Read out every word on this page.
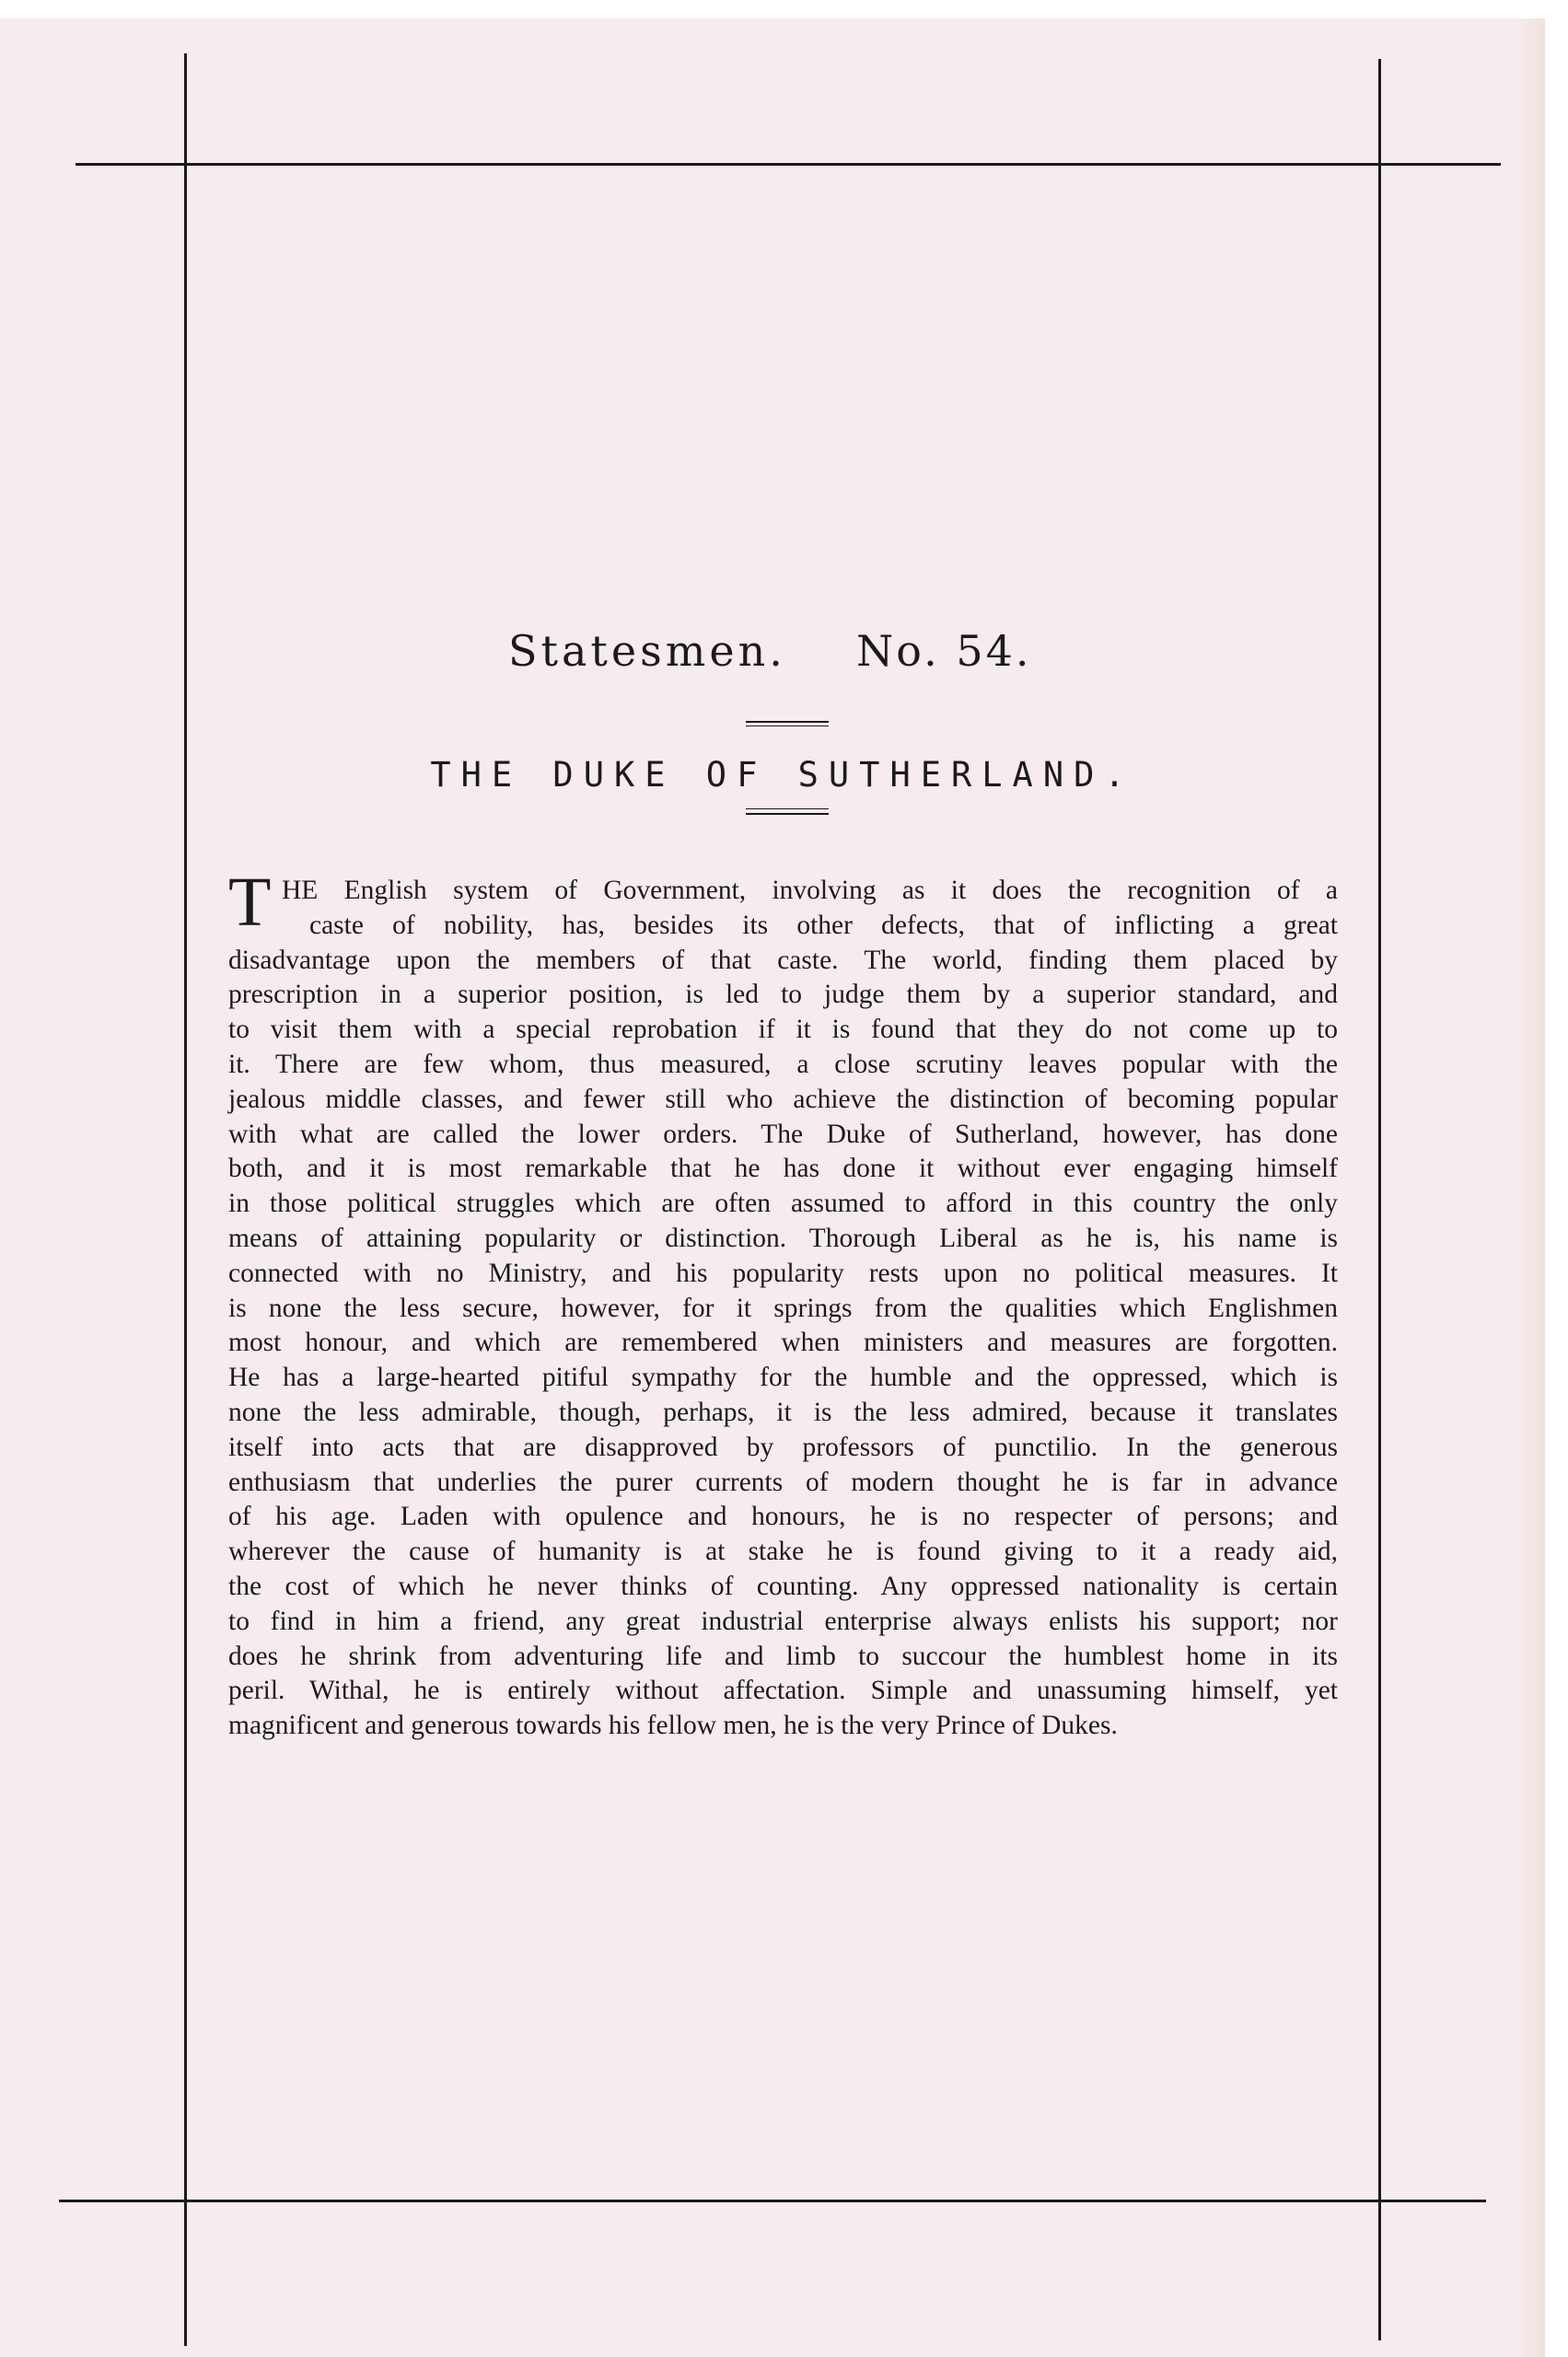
Statesmen. No. 54.
THE DUKE OF SUTHERLAND.
T HE English system of Government, involving as it does the recognition of a
caste of nobility, has, besides its other defects, that of inflicting a great
disadvantage upon the members of that caste. The world, finding them placed by
prescription in a superior position, is led to judge them by a superior standard, and
to visit them with a special reprobation if it is found that they do not come up to
it. There are few whom, thus measured, a close scrutiny leaves popular with the
jealous middle classes, and fewer still who achieve the distinction of becoming popular
with what are called the lower orders. The Duke of Sutherland, however, has done
both, and it is most remarkable that he has done it without ever engaging himself
in those political struggles which are often assumed to afford in this country the only
means of attaining popularity or distinction. Thorough Liberal as he is, his name is
connected with no Ministry, and his popularity rests upon no political measures. It
is none the less secure, however, for it springs from the qualities which Englishmen
most honour, and which are remembered when ministers and measures are forgotten.
He has a large-hearted pitiful sympathy for the humble and the oppressed, which is
none the less admirable, though, perhaps, it is the less admired, because it translates
itself into acts that are disapproved by professors of punctilio. In the generous
enthusiasm that underlies the purer currents of modern thought he is far in advance
of his age. Laden with opulence and honours, he is no respecter of persons; and
wherever the cause of humanity is at stake he is found giving to it a ready aid,
the cost of which he never thinks of counting. Any oppressed nationality is certain
to find in him a friend, any great industrial enterprise always enlists his support; nor
does he shrink from adventuring life and limb to succour the humblest home in its
peril. Withal, he is entirely without affectation. Simple and unassuming himself, yet
magnificent and generous towards his fellow men, he is the very Prince of Dukes.
